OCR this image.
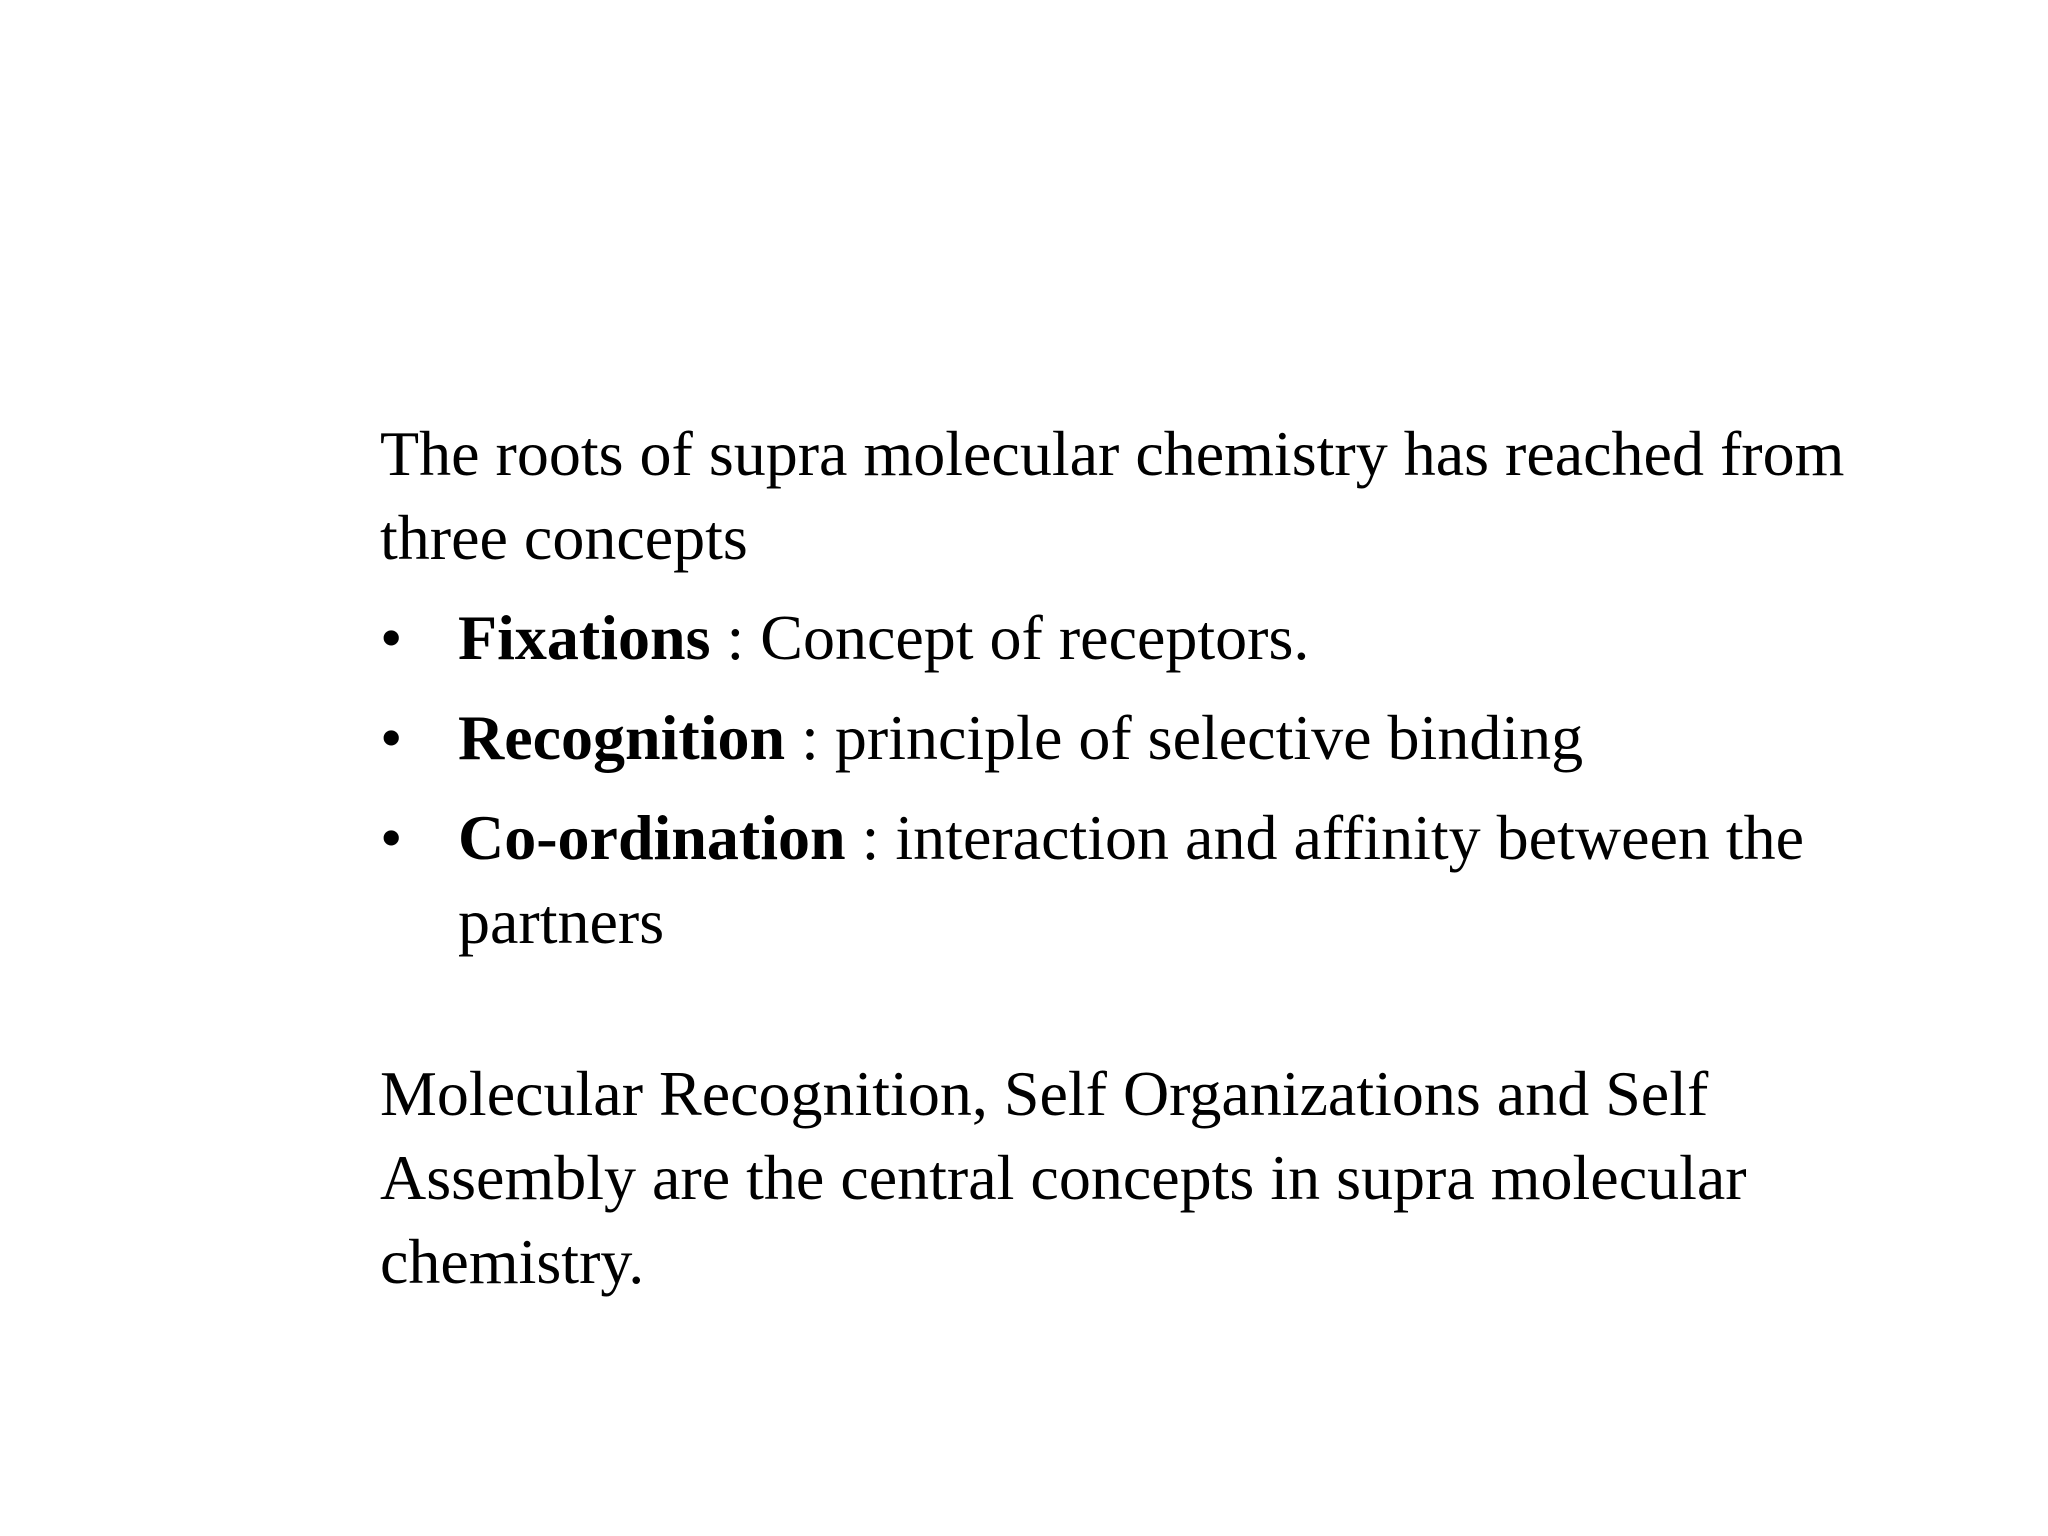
The roots of supra molecular chemistry has reached from three concepts

• Fixations : Concept of receptors.
• Recognition : principle of selective binding
• Co-ordination : interaction and affinity between the partners

Molecular Recognition, Self Organizations and Self Assembly are the central concepts in supra molecular chemistry.
